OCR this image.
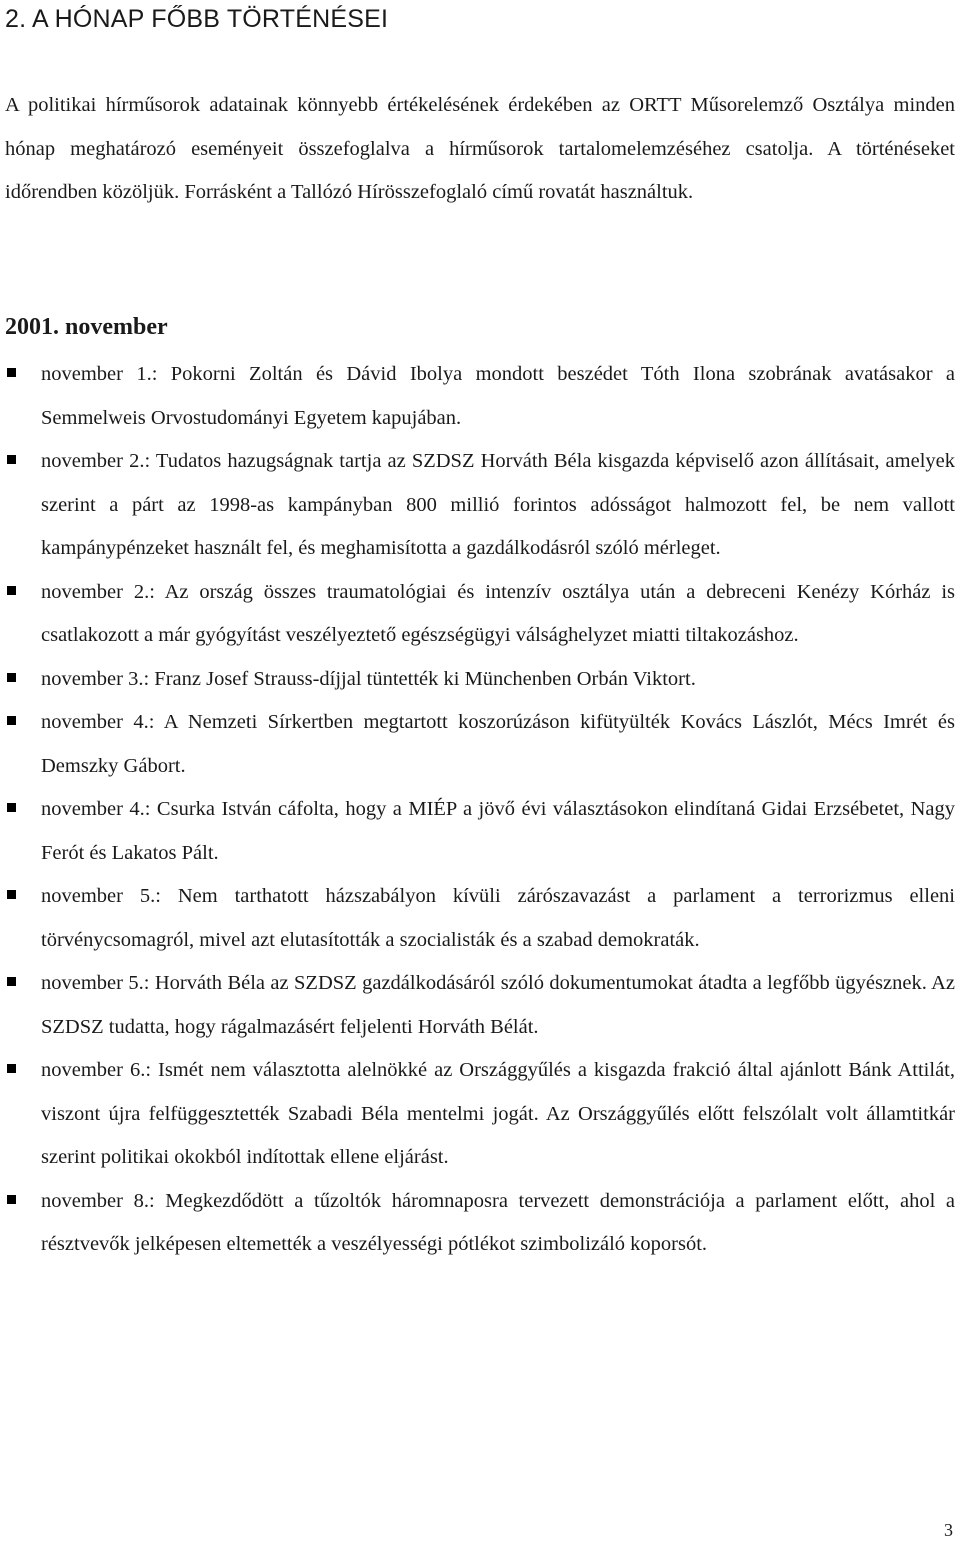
2. A HÓNAP FŐBB TÖRTÉNÉSEI

A politikai hírműsorok adatainak könnyebb értékelésének érdekében az ORTT Műsorelemző Osztálya minden hónap meghatározó eseményeit összefoglalva a hírműsorok tartalomelemzéséhez csatolja. A történéseket időrendben közöljük. Forrásként a Tallózó Hírösszefoglaló című rovatát használtuk.

2001. november
november 1.: Pokorni Zoltán és Dávid Ibolya mondott beszédet Tóth Ilona szobrának avatásakor a Semmelweis Orvostudományi Egyetem kapujában.
november 2.: Tudatos hazugságnak tartja az SZDSZ Horváth Béla kisgazda képviselő azon állításait, amelyek szerint a párt az 1998-as kampányban 800 millió forintos adósságot halmozott fel, be nem vallott kampánypénzeket használt fel, és meghamisította a gazdálkodásról szóló mérleget.
november 2.: Az ország összes traumatológiai és intenzív osztálya után a debreceni Kenézy Kórház is csatlakozott a már gyógyítást veszélyeztető egészségügyi válsághelyzet miatti tiltakozáshoz.
november 3.: Franz Josef Strauss-díjjal tüntették ki Münchenben Orbán Viktort.
november 4.: A Nemzeti Sírkertben megtartott koszorúzáson kifütyülték Kovács Lászlót, Mécs Imrét és Demszky Gábort.
november 4.: Csurka István cáfolta, hogy a MIÉP a jövő évi választásokon elindítaná Gidai Erzsébetet, Nagy Ferót és Lakatos Pált.
november 5.: Nem tarthatott házszabályon kívüli zárószavazást a parlament a terrorizmus elleni törvénycsomagról, mivel azt elutasították a szocialisták és a szabad demokraták.
november 5.: Horváth Béla az SZDSZ gazdálkodásáról szóló dokumentumokat átadta a legfőbb ügyésznek. Az SZDSZ tudatta, hogy rágalmazásért feljelenti Horváth Bélát.
november 6.: Ismét nem választotta alelnökké az Országgyűlés a kisgazda frakció által ajánlott Bánk Attilát, viszont újra felfüggesztették Szabadi Béla mentelmi jogát. Az Országgyűlés előtt felszólalt volt államtitkár szerint politikai okokból indítottak ellene eljárást.
november 8.: Megkezdődött a tűzoltók háromnaposra tervezett demonstrációja a parlament előtt, ahol a résztvevők jelképesen eltemették a veszélyességi pótlékot szimbolizáló koporsót.
3
